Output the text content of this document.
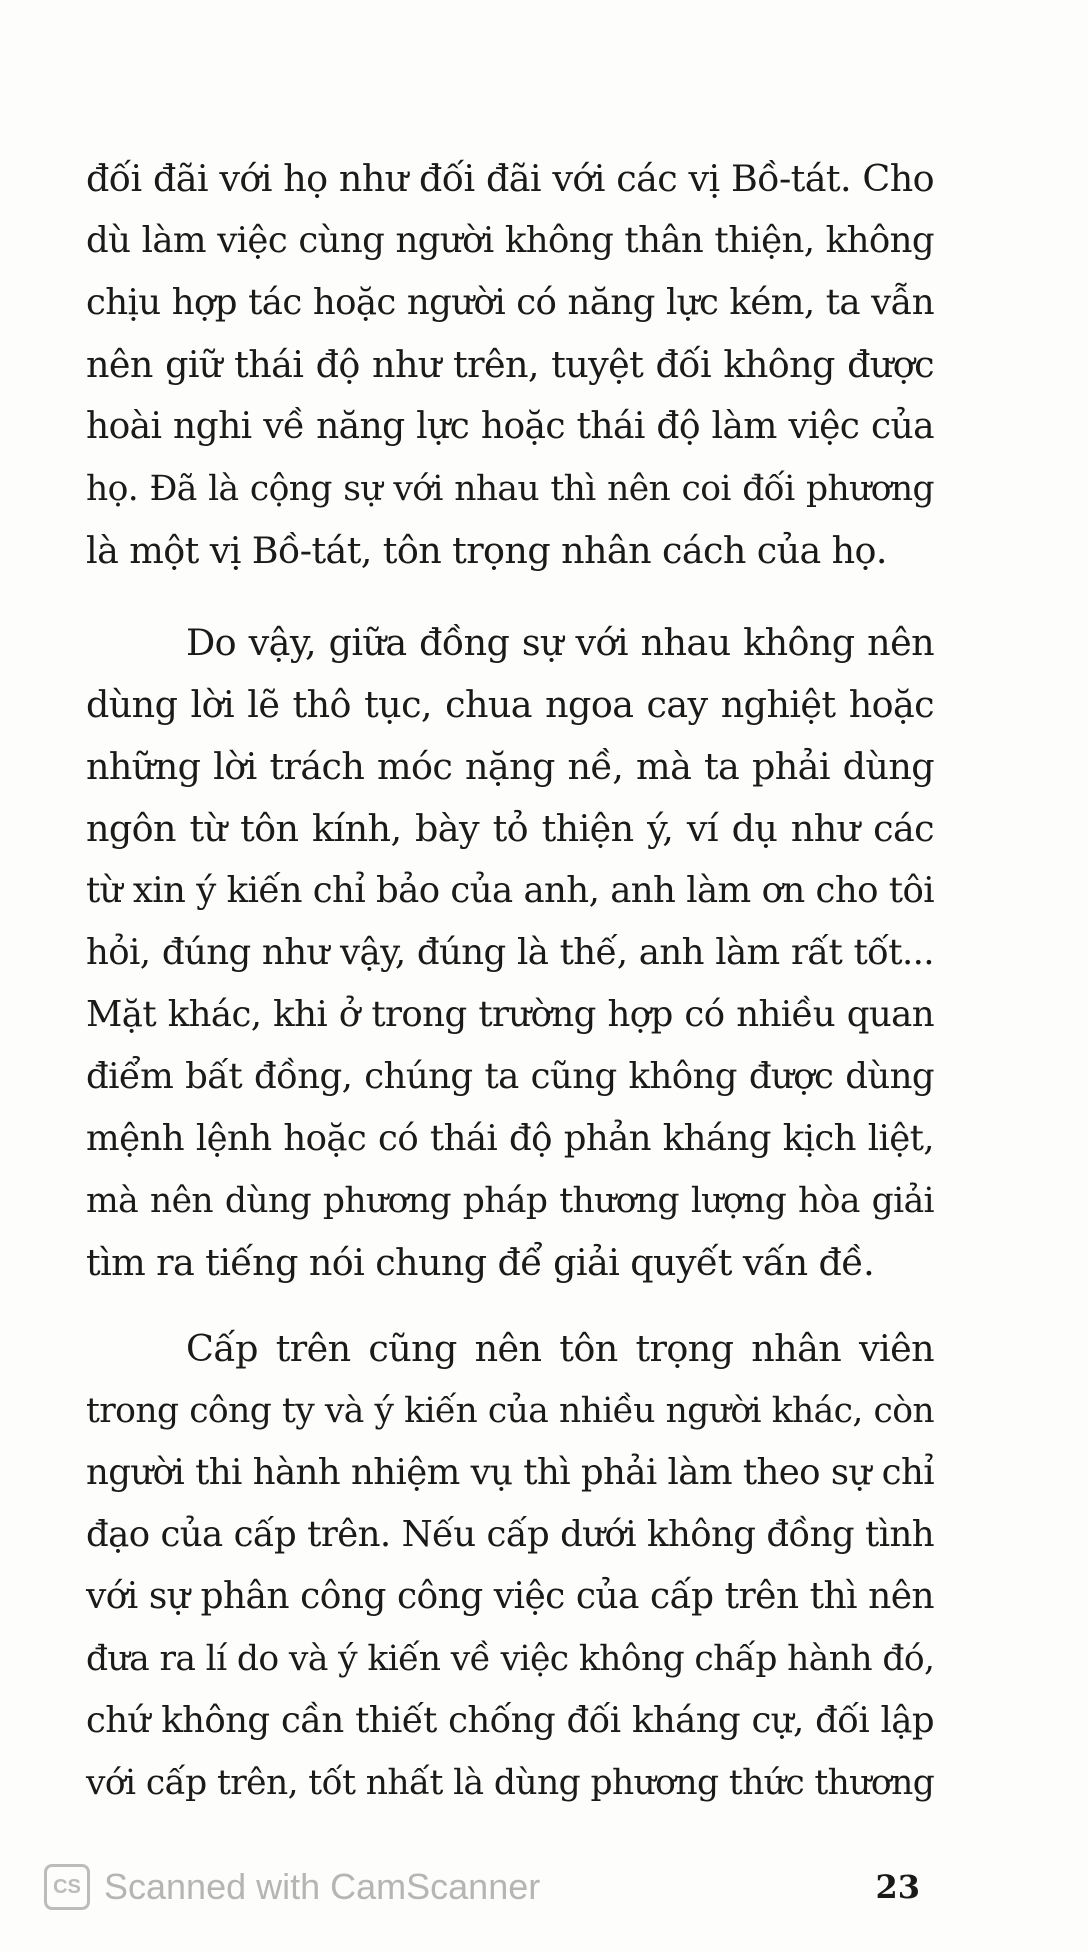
đối đãi với họ như đối đãi với các vị Bồ-tát. Cho
dù làm việc cùng người không thân thiện, không
chịu hợp tác hoặc người có năng lực kém, ta vẫn
nên giữ thái độ như trên, tuyệt đối không được
hoài nghi về năng lực hoặc thái độ làm việc của
họ. Đã là cộng sự với nhau thì nên coi đối phương
là một vị Bồ-tát, tôn trọng nhân cách của họ.
Do vậy, giữa đồng sự với nhau không nên
dùng lời lẽ thô tục, chua ngoa cay nghiệt hoặc
những lời trách móc nặng nề, mà ta phải dùng
ngôn từ tôn kính, bày tỏ thiện ý, ví dụ như các
từ xin ý kiến chỉ bảo của anh, anh làm ơn cho tôi
hỏi, đúng như vậy, đúng là thế, anh làm rất tốt...
Mặt khác, khi ở trong trường hợp có nhiều quan
điểm bất đồng, chúng ta cũng không được dùng
mệnh lệnh hoặc có thái độ phản kháng kịch liệt,
mà nên dùng phương pháp thương lượng hòa giải
tìm ra tiếng nói chung để giải quyết vấn đề.
Cấp trên cũng nên tôn trọng nhân viên
trong công ty và ý kiến của nhiều người khác, còn
người thi hành nhiệm vụ thì phải làm theo sự chỉ
đạo của cấp trên. Nếu cấp dưới không đồng tình
với sự phân công công việc của cấp trên thì nên
đưa ra lí do và ý kiến về việc không chấp hành đó,
chứ không cần thiết chống đối kháng cự, đối lập
với cấp trên, tốt nhất là dùng phương thức thương
CS Scanned with CamScanner	23
